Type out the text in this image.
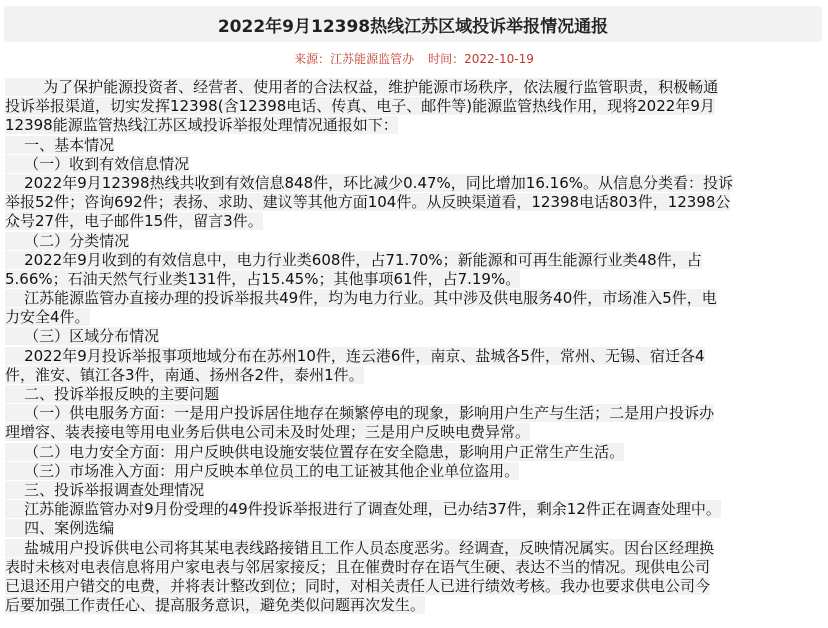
2022年9月12398热线江苏区域投诉举报情况通报
来源：江苏能源监管办 时间：2022-10-19
为了保护能源投资者、经营者、使用者的合法权益，维护能源市场秩序，依法履行监管职责，积极畅通
投诉举报渠道，切实发挥12398(含12398电话、传真、电子、邮件等)能源监管热线作用，现将2022年9月
12398能源监管热线江苏区域投诉举报处理情况通报如下：
一、基本情况
（一）收到有效信息情况
2022年9月12398热线共收到有效信息848件，环比减少0.47%，同比增加16.16%。从信息分类看：投诉
举报52件；咨询692件；表扬、求助、建议等其他方面104件。从反映渠道看，12398电话803件，12398公
众号27件，电子邮件15件，留言3件。
（二）分类情况
2022年9月收到的有效信息中，电力行业类608件，占71.70%；新能源和可再生能源行业类48件，占
5.66%；石油天然气行业类131件，占15.45%；其他事项61件，占7.19%。
江苏能源监管办直接办理的投诉举报共49件，均为电力行业。其中涉及供电服务40件，市场准入5件，电
力安全4件。
（三）区域分布情况
2022年9月投诉举报事项地域分布在苏州10件，连云港6件，南京、盐城各5件，常州、无锡、宿迁各4
件，淮安、镇江各3件，南通、扬州各2件，泰州1件。
二、投诉举报反映的主要问题
（一）供电服务方面：一是用户投诉居住地存在频繁停电的现象，影响用户生产与生活；二是用户投诉办
理增容、装表接电等用电业务后供电公司未及时处理；三是用户反映电费异常。
（二）电力安全方面：用户反映供电设施安装位置存在安全隐患，影响用户正常生产生活。
（三）市场准入方面：用户反映本单位员工的电工证被其他企业单位盗用。
三、投诉举报调查处理情况
江苏能源监管办对9月份受理的49件投诉举报进行了调查处理，已办结37件，剩余12件正在调查处理中。
四、案例选编
盐城用户投诉供电公司将其某电表线路接错且工作人员态度恶劣。经调查，反映情况属实。因台区经理换
表时未核对电表信息将用户家电表与邻居家接反；且在催费时存在语气生硬、表达不当的情况。现供电公司
已退还用户错交的电费，并将表计整改到位；同时，对相关责任人已进行绩效考核。我办也要求供电公司今
后要加强工作责任心、提高服务意识，避免类似问题再次发生。
